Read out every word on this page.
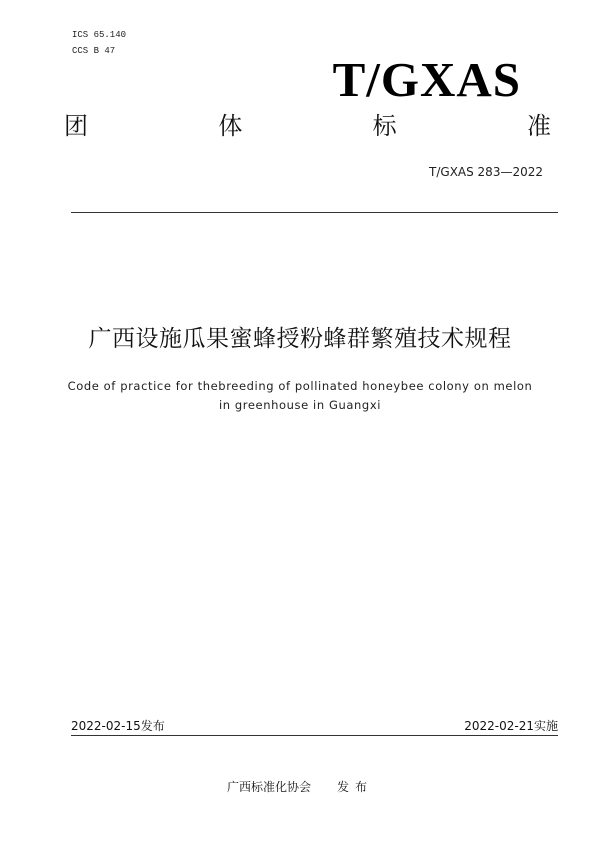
ICS 65.140
CCS B 47
T/GXAS
团	体	标	准
T/GXAS 283—2022
广西设施瓜果蜜蜂授粉蜂群繁殖技术规程
Code of practice for thebreeding of pollinated honeybee colony on melon
in greenhouse in Guangxi
2022-02-15发布	2022-02-21实施
广西标准化协会 发布
